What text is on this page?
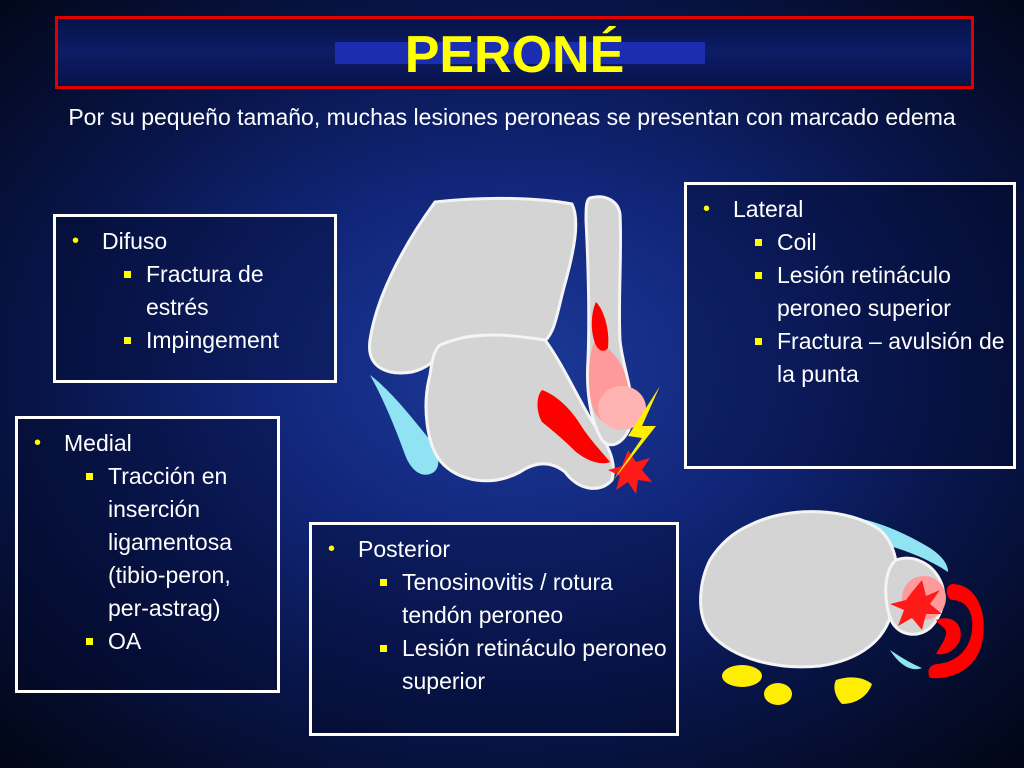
PERONÉ
Por su pequeño tamaño, muchas lesiones peroneas se presentan con marcado edema
• Difuso
Fractura de estrés
Impingement
• Medial
Tracción en inserción ligamentosa (tibio-peron, per-astrag)
OA
• Lateral
Coil
Lesión retináculo peroneo superior
Fractura – avulsión de la punta
• Posterior
Tenosinovitis / rotura tendón peroneo
Lesión retináculo peroneo superior
